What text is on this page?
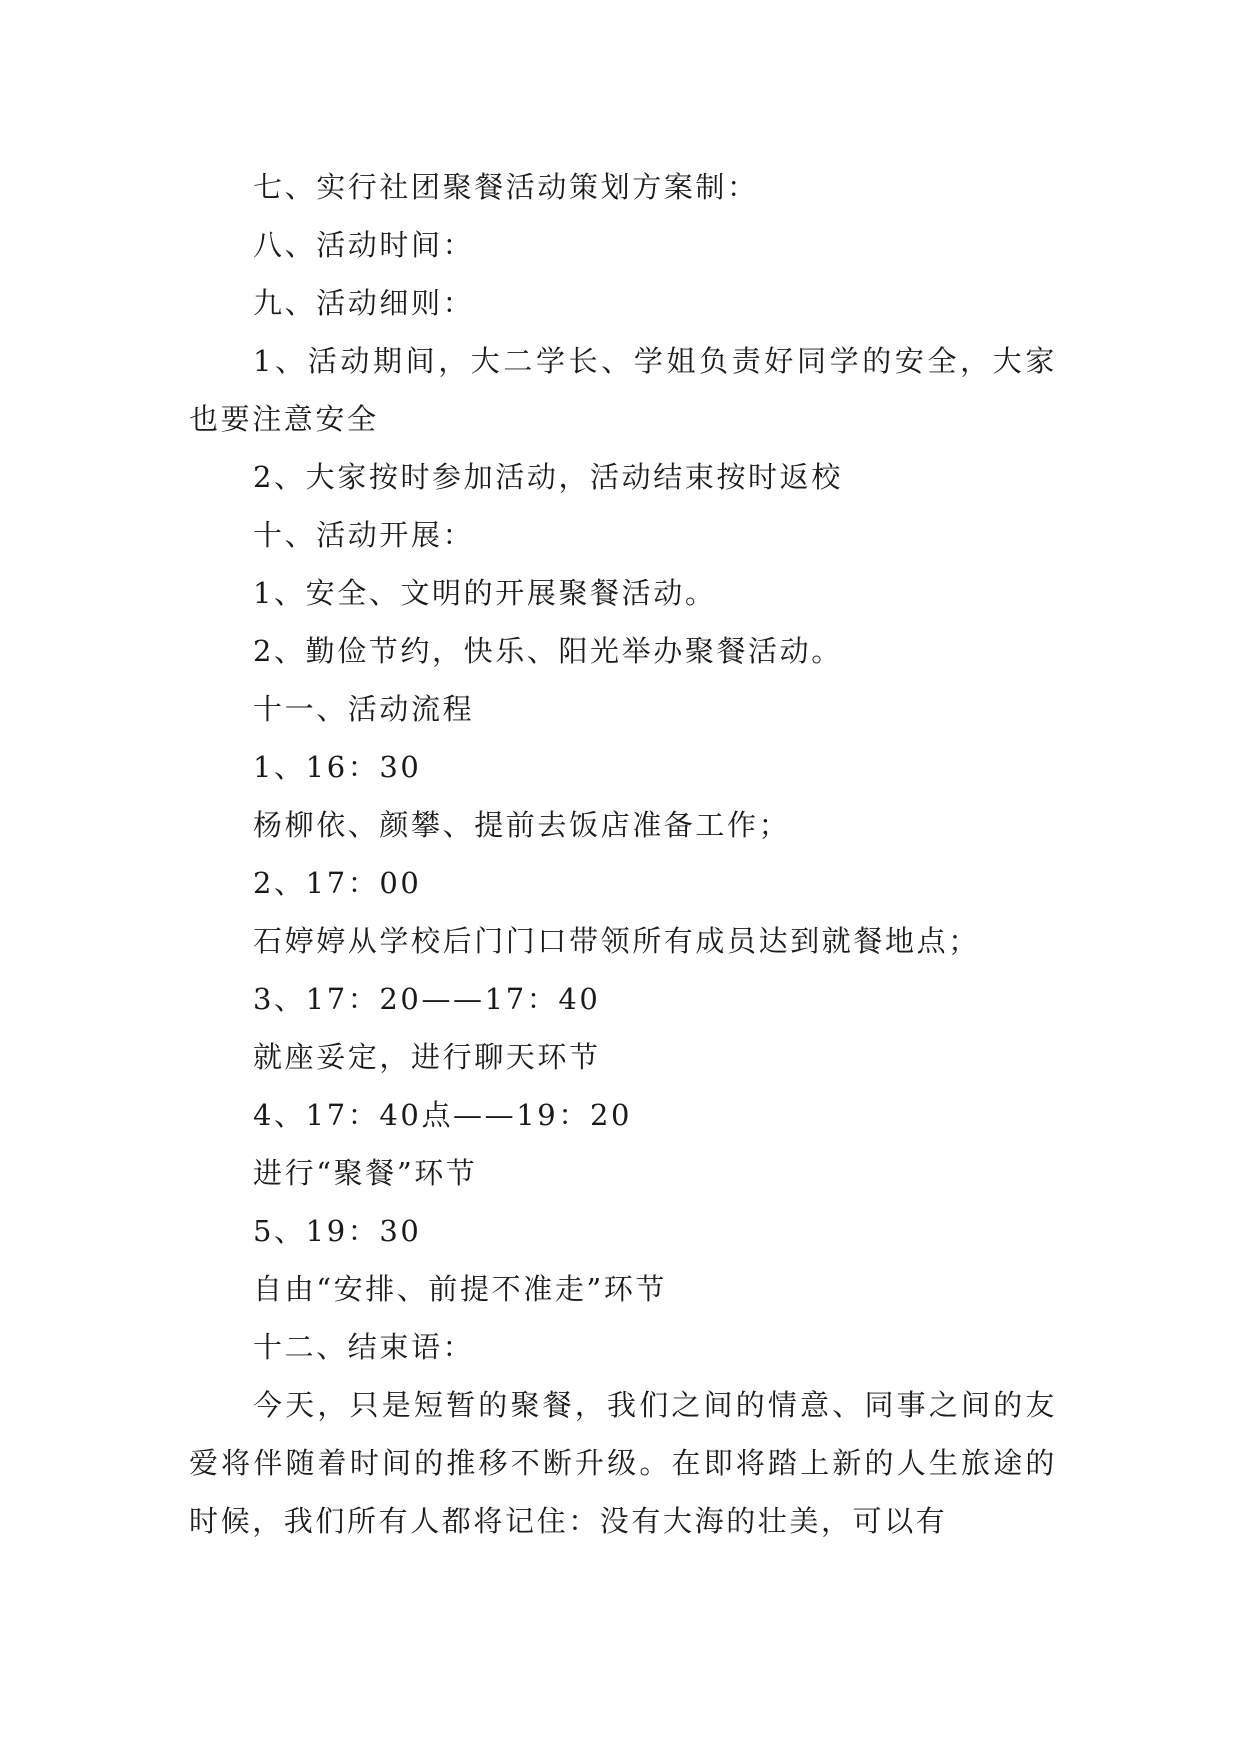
七、实行社团聚餐活动策划方案制：

八、活动时间：

九、活动细则：

1、活动期间，大二学长、学姐负责好同学的安全，大家也要注意安全

2、大家按时参加活动，活动结束按时返校

十、活动开展：

1、安全、文明的开展聚餐活动。

2、勤俭节约，快乐、阳光举办聚餐活动。

十一、活动流程

1、16：30

杨柳依、颜攀、提前去饭店准备工作；

2、17：00

石婷婷从学校后门门口带领所有成员达到就餐地点；

3、17：20——17：40

就座妥定，进行聊天环节

4、17：40点——19：20

进行“聚餐”环节

5、19：30

自由“安排、前提不准走”环节

十二、结束语：

今天，只是短暂的聚餐，我们之间的情意、同事之间的友爱将伴随着时间的推移不断升级。在即将踏上新的人生旅途的时候，我们所有人都将记住：没有大海的壮美，可以有
